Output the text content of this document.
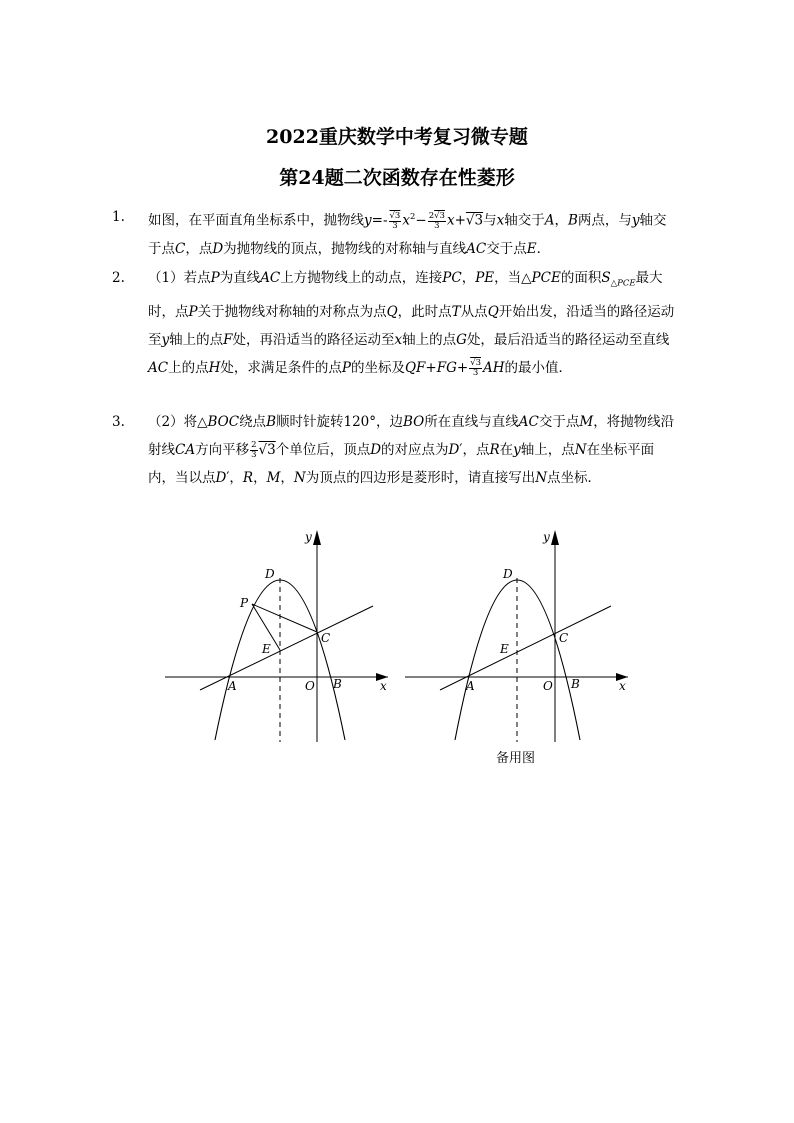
2022重庆数学中考复习微专题
第24题二次函数存在性菱形
1. 如图，在平面直角坐标系中，抛物线$y=- \frac{√3}{3} x^2- \frac{2√3}{3} x+√3$与x轴交于A，B两点，与y轴交于点C，点D为抛物线的顶点，抛物线的对称轴与直线AC交于点E．
2. （1）若点P为直线AC上方抛物线上的动点，连接PC，PE，当△PCE的面积$S_{\triangle PCE}$最大时，点P关于抛物线对称轴的对称点为点Q，此时点T从点Q开始出发，沿适当的路径运动至y轴上的点F处，再沿适当的路径运动至x轴上的点G处，最后沿适当的路径运动至直线AC上的点H处，求满足条件的点P的坐标及$QF+FG+ \frac{√3}{3}$ AH的最小值．
3. （2）将△BOC绕点B顺时针旋转120°，边BO所在直线与直线AC交于点M，将抛物线沿射线CA方向平移 $\frac{2}{3} √3$个单位后，顶点D的对应点为D′，点R在y轴上，点N在坐标平面内，当以点D′，R，M，N为顶点的四边形是菱形时，请直接写出N点坐标．
y
x
D
P
E
C
A	O B
y
x
D
E
C
A	O B
备用图
